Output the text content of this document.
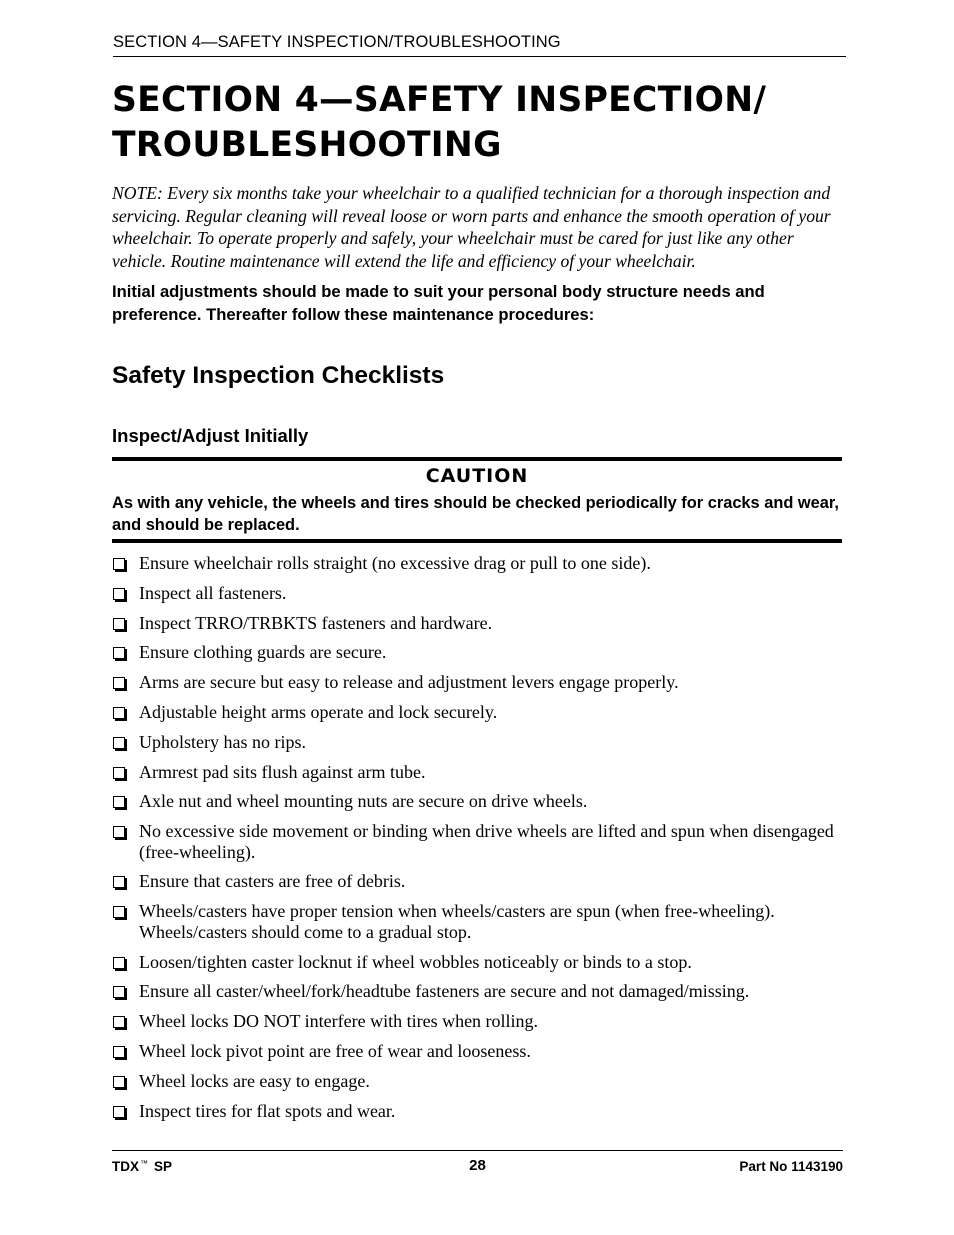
SECTION 4—SAFETY INSPECTION/TROUBLESHOOTING
SECTION 4—SAFETY INSPECTION/
TROUBLESHOOTING

NOTE: Every six months take your wheelchair to a qualified technician for a thorough inspection and servicing. Regular cleaning will reveal loose or worn parts and enhance the smooth operation of your wheelchair. To operate properly and safely, your wheelchair must be cared for just like any other vehicle. Routine maintenance will extend the life and efficiency of your wheelchair.

Initial adjustments should be made to suit your personal body structure needs and preference. Thereafter follow these maintenance procedures:

Safety Inspection Checklists
Inspect/Adjust Initially
CAUTION
As with any vehicle, the wheels and tires should be checked periodically for cracks and wear, and should be replaced.
Ensure wheelchair rolls straight (no excessive drag or pull to one side).
Inspect all fasteners.
Inspect TRRO/TRBKTS fasteners and hardware.
Ensure clothing guards are secure.
Arms are secure but easy to release and adjustment levers engage properly.
Adjustable height arms operate and lock securely.
Upholstery has no rips.
Armrest pad sits flush against arm tube.
Axle nut and wheel mounting nuts are secure on drive wheels.
No excessive side movement or binding when drive wheels are lifted and spun when disengaged (free-wheeling).
Ensure that casters are free of debris.
Wheels/casters have proper tension when wheels/casters are spun (when free-wheeling). Wheels/casters should come to a gradual stop.
Loosen/tighten caster locknut if wheel wobbles noticeably or binds to a stop.
Ensure all caster/wheel/fork/headtube fasteners are secure and not damaged/missing.
Wheel locks DO NOT interfere with tires when rolling.
Wheel lock pivot point are free of wear and looseness.
Wheel locks are easy to engage.
Inspect tires for flat spots and wear.
TDX™ SP	28	Part No 1143190
